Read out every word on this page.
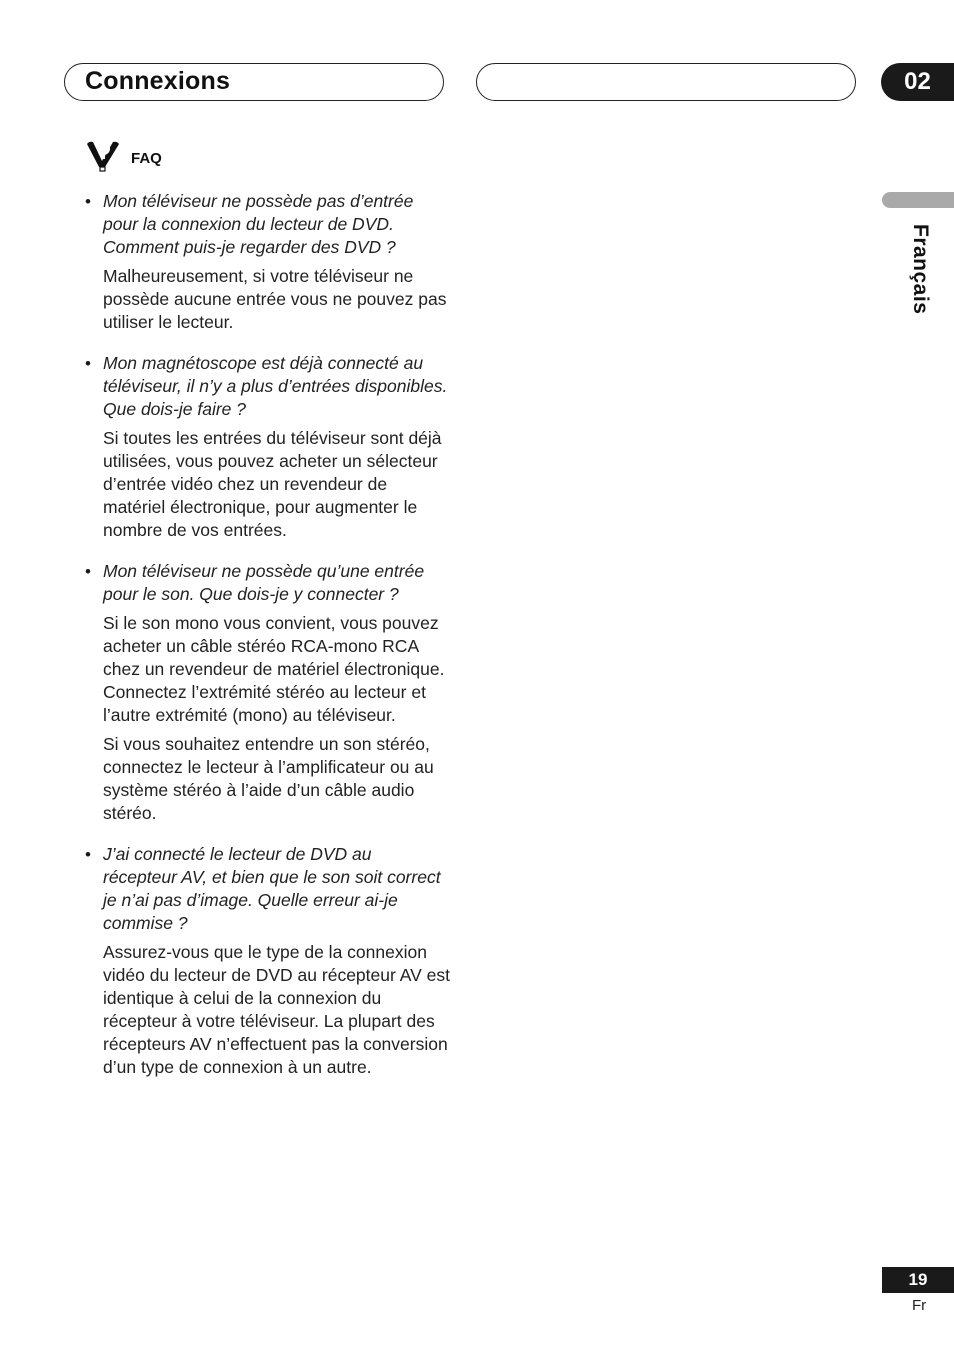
Connexions	02
Français
FAQ
• Mon téléviseur ne possède pas d’entrée pour la connexion du lecteur de DVD. Comment puis-je regarder des DVD ?

Malheureusement, si votre téléviseur ne possède aucune entrée vous ne pouvez pas utiliser le lecteur.

• Mon magnétoscope est déjà connecté au téléviseur, il n’y a plus d’entrées disponibles. Que dois-je faire ?

Si toutes les entrées du téléviseur sont déjà utilisées, vous pouvez acheter un sélecteur d’entrée vidéo chez un revendeur de matériel électronique, pour augmenter le nombre de vos entrées.

• Mon téléviseur ne possède qu’une entrée pour le son. Que dois-je y connecter ?

Si le son mono vous convient, vous pouvez acheter un câble stéréo RCA-mono RCA chez un revendeur de matériel électronique. Connectez l’extrémité stéréo au lecteur et l’autre extrémité (mono) au téléviseur.

Si vous souhaitez entendre un son stéréo, connectez le lecteur à l’amplificateur ou au système stéréo à l’aide d’un câble audio stéréo.

• J’ai connecté le lecteur de DVD au récepteur AV, et bien que le son soit correct je n’ai pas d’image. Quelle erreur ai-je commise ?

Assurez-vous que le type de la connexion vidéo du lecteur de DVD au récepteur AV est identique à celui de la connexion du récepteur à votre téléviseur. La plupart des récepteurs AV n’effectuent pas la conversion d’un type de connexion à un autre.

19
Fr
